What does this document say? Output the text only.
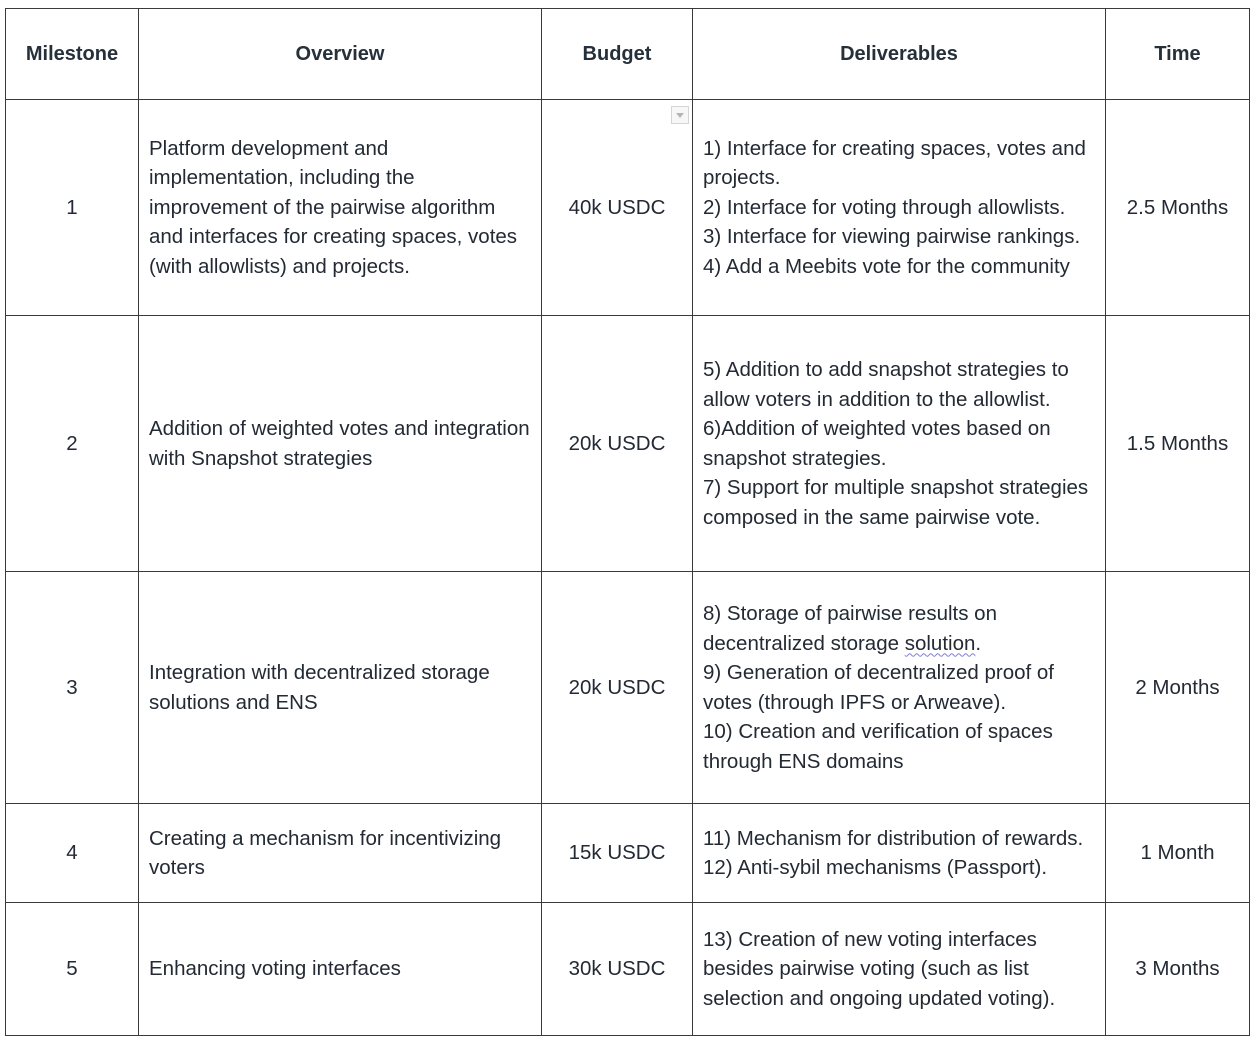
Milestone	Overview	Budget	Deliverables	Time
1	Platform development and implementation, including the improvement of the pairwise algorithm and interfaces for creating spaces, votes (with allowlists) and projects.	40k USDC	1) Interface for creating spaces, votes and projects.
2) Interface for voting through allowlists.
3) Interface for viewing pairwise rankings.
4) Add a Meebits vote for the community	2.5 Months
2	Addition of weighted votes and integration with Snapshot strategies	20k USDC	5) Addition to add snapshot strategies to allow voters in addition to the allowlist.
6)Addition of weighted votes based on snapshot strategies.
7) Support for multiple snapshot strategies composed in the same pairwise vote.	1.5 Months
3	Integration with decentralized storage solutions and ENS	20k USDC	8) Storage of pairwise results on decentralized storage solution.
9) Generation of decentralized proof of votes (through IPFS or Arweave).
10) Creation and verification of spaces through ENS domains	2 Months
4	Creating a mechanism for incentivizing voters	15k USDC	11) Mechanism for distribution of rewards.
12) Anti-sybil mechanisms (Passport).	1 Month
5	Enhancing voting interfaces	30k USDC	13) Creation of new voting interfaces besides pairwise voting (such as list selection and ongoing updated voting).	3 Months
